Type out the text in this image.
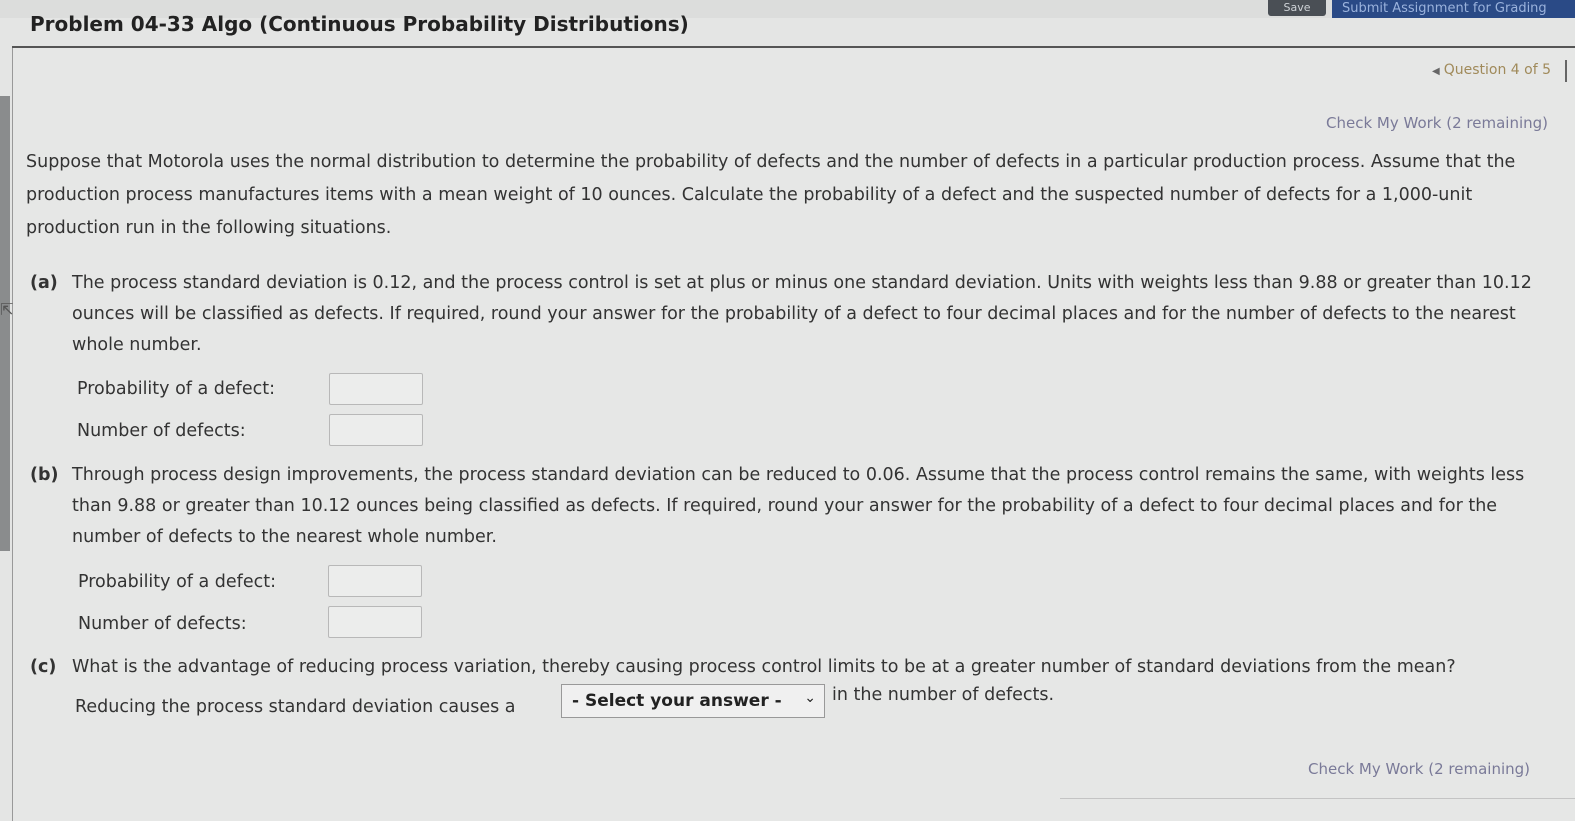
Save	Submit Assignment for Grading
Problem 04-33 Algo (Continuous Probability Distributions)
⇱
◀ Question 4 of 5
Check My Work (2 remaining)
Suppose that Motorola uses the normal distribution to determine the probability of defects and the number of defects in a particular production process. Assume that the production process manufactures items with a mean weight of 10 ounces. Calculate the probability of a defect and the suspected number of defects for a 1,000-unit production run in the following situations.
(a) The process standard deviation is 0.12, and the process control is set at plus or minus one standard deviation. Units with weights less than 9.88 or greater than 10.12 ounces will be classified as defects. If required, round your answer for the probability of a defect to four decimal places and for the number of defects to the nearest whole number.
Probability of a defect:
Number of defects:
(b) Through process design improvements, the process standard deviation can be reduced to 0.06. Assume that the process control remains the same, with weights less than 9.88 or greater than 10.12 ounces being classified as defects. If required, round your answer for the probability of a defect to four decimal places and for the number of defects to the nearest whole number.
Probability of a defect:
Number of defects:
(c) What is the advantage of reducing process variation, thereby causing process control limits to be at a greater number of standard deviations from the mean?
Reducing the process standard deviation causes a	- Select your answer - ⌄ in the number of defects.
Check My Work (2 remaining)
